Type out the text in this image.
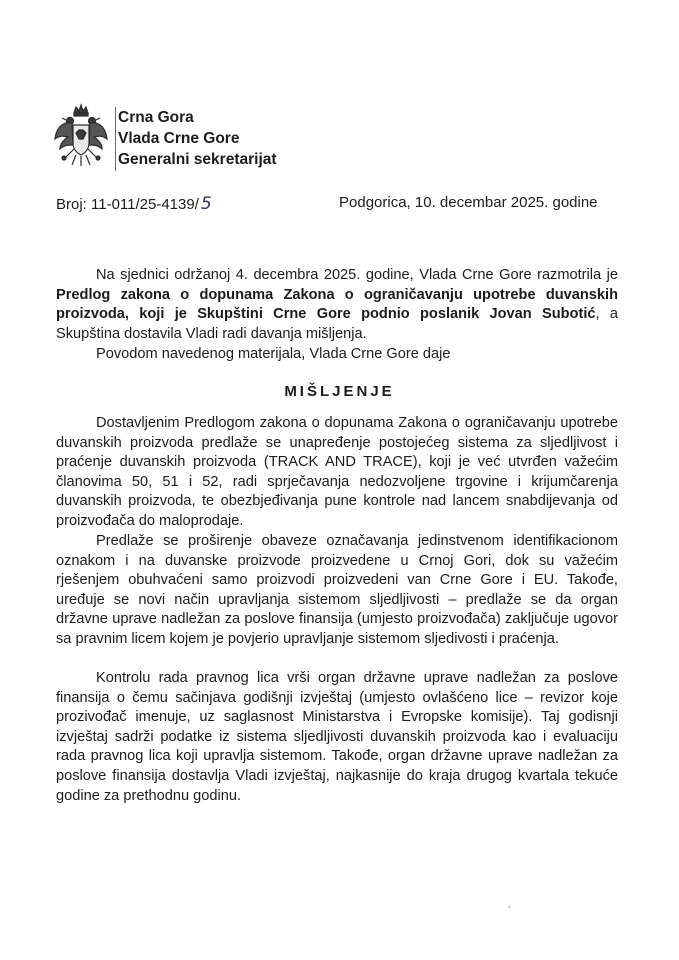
Crna Gora
Vlada Crne Gore
Generalni sekretarijat
Broj: 11-011/25-4139/ 5	Podgorica, 10. decembar 2025. godine

Na sjednici održanoj 4. decembra 2025. godine, Vlada Crne Gore razmotrila je Predlog zakona o dopunama Zakona o ograničavanju upotrebe duvanskih proizvoda, koji je Skupštini Crne Gore podnio poslanik Jovan Subotić, a Skupština dostavila Vladi radi davanja mišljenja.

Povodom navedenog materijala, Vlada Crne Gore daje
MIŠLJENJE
Dostavljenim Predlogom zakona o dopunama Zakona o ograničavanju upotrebe duvanskih proizvoda predlaže se unapređenje postojećeg sistema za sljedljivost i praćenje duvanskih proizvoda (TRACK AND TRACE), koji je već utvrđen važećim članovima 50, 51 i 52, radi sprječavanja nedozvoljene trgovine i krijumčarenja duvanskih proizvoda, te obezbjeđivanja pune kontrole nad lancem snabdijevanja od proizvođača do maloprodaje.
Predlaže se proširenje obaveze označavanja jedinstvenom identifikacionom oznakom i na duvanske proizvode proizvedene u Crnoj Gori, dok su važećim rješenjem obuhvaćeni samo proizvodi proizvedeni van Crne Gore i EU. Takođe, uređuje se novi način upravljanja sistemom sljedljivosti – predlaže se da organ državne uprave nadležan za poslove finansija (umjesto proizvođača) zaključuje ugovor sa pravnim licem kojem je povjerio upravljanje sistemom sljedivosti i praćenja.
Kontrolu rada pravnog lica vrši organ državne uprave nadležan za poslove finansija o čemu sačinjava godišnji izvještaj (umjesto ovlašćeno lice – revizor koje prozivođač imenuje, uz saglasnost Ministarstva i Evropske komisije). Taj godisnji izvještaj sadrži podatke iz sistema sljedljivosti duvanskih proizvoda kao i evaluaciju rada pravnog lica koji upravlja sistemom. Takođe, organ državne uprave nadležan za poslove finansija dostavlja Vladi izvještaj, najkasnije do kraja drugog kvartala tekuće godine za prethodnu godinu.
’
